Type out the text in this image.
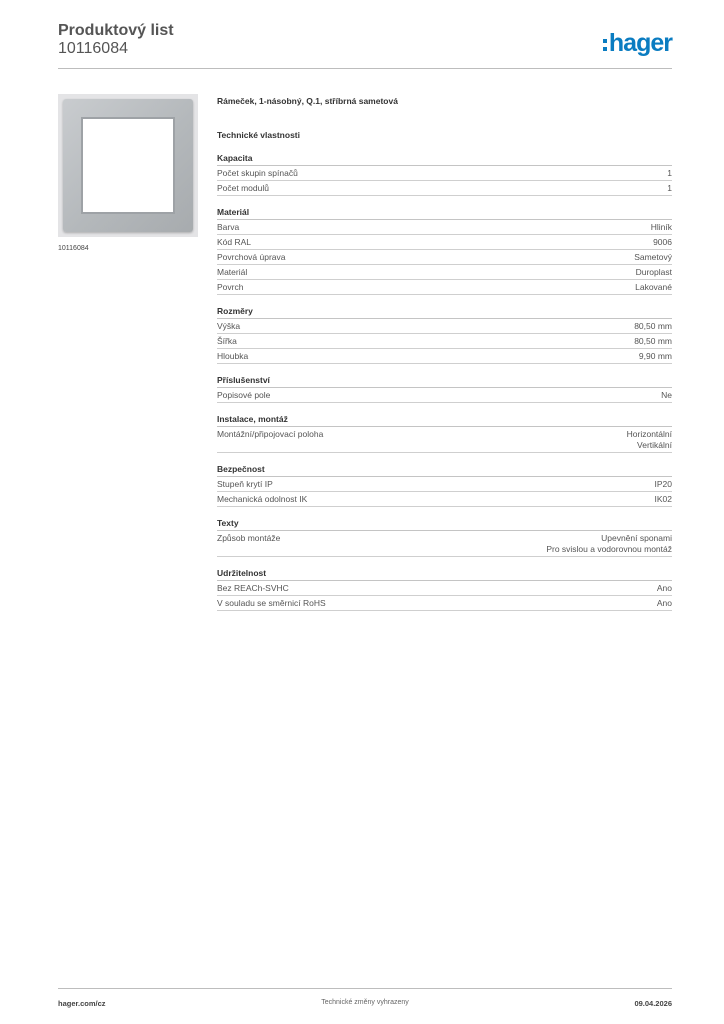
Produktový list
10116084	hager
10116084
Rámeček, 1-násobný, Q.1, stříbrná sametová
Technické vlastnosti
Kapacita
Počet skupin spínačů	1
Počet modulů	1
Materiál
Barva	Hliník
Kód RAL	9006
Povrchová úprava	Sametový
Materiál	Duroplast
Povrch	Lakované
Rozměry
Výška	80,50 mm
Šířka	80,50 mm
Hloubka	9,90 mm
Příslušenství
Popisové pole	Ne
Instalace, montáž
Montážní/připojovací poloha	Horizontální
Vertikální
Bezpečnost
Stupeň krytí IP	IP20
Mechanická odolnost IK	IK02
Texty
Způsob montáže	Upevnění sponami
Pro svislou a vodorovnou montáž
Udržitelnost
Bez REACh-SVHC	Ano
V souladu se směrnicí RoHS	Ano
hager.com/cz	Technické změny vyhrazeny	09.04.2026
